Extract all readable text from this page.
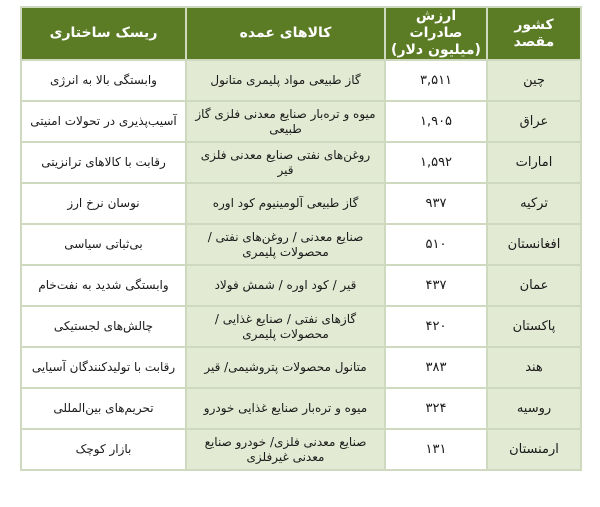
کشور مقصد	ارزش صادرات (میلیون دلار)	کالاهای عمده	ریسک ساختاری
چین	۳,۵۱۱	گاز طبیعی مواد پلیمری متانول	وابستگی بالا به انرژی
عراق	۱,۹۰۵	میوه و تره‌بار صنایع معدنی فلزی گاز طبیعی	آسیب‌پذیری در تحولات امنیتی
امارات	۱,۵۹۲	روغن‌های نفتی صنایع معدنی فلزی قیر	رقابت با کالاهای ترانزیتی
ترکیه	۹۳۷	گاز طبیعی آلومینیوم کود اوره	نوسان نرخ ارز
افغانستان	۵۱۰	صنایع معدنی / روغن‌های نفتی / محصولات پلیمری	بی‌ثباتی سیاسی
عمان	۴۳۷	قیر / کود اوره / شمش فولاد	وابستگی شدید به نفت‌خام
پاکستان	۴۲۰	گازهای نفتی / صنایع غذایی / محصولات پلیمری	چالش‌های لجستیکی
هند	۳۸۳	متانول محصولات پتروشیمی/ قیر	رقابت با تولیدکنندگان آسیایی
روسیه	۳۲۴	میوه و تره‌بار صنایع غذایی خودرو	تحریم‌های بین‌المللی
ارمنستان	۱۳۱	صنایع معدنی فلزی/ خودرو صنایع معدنی غیرفلزی	بازار کوچک
